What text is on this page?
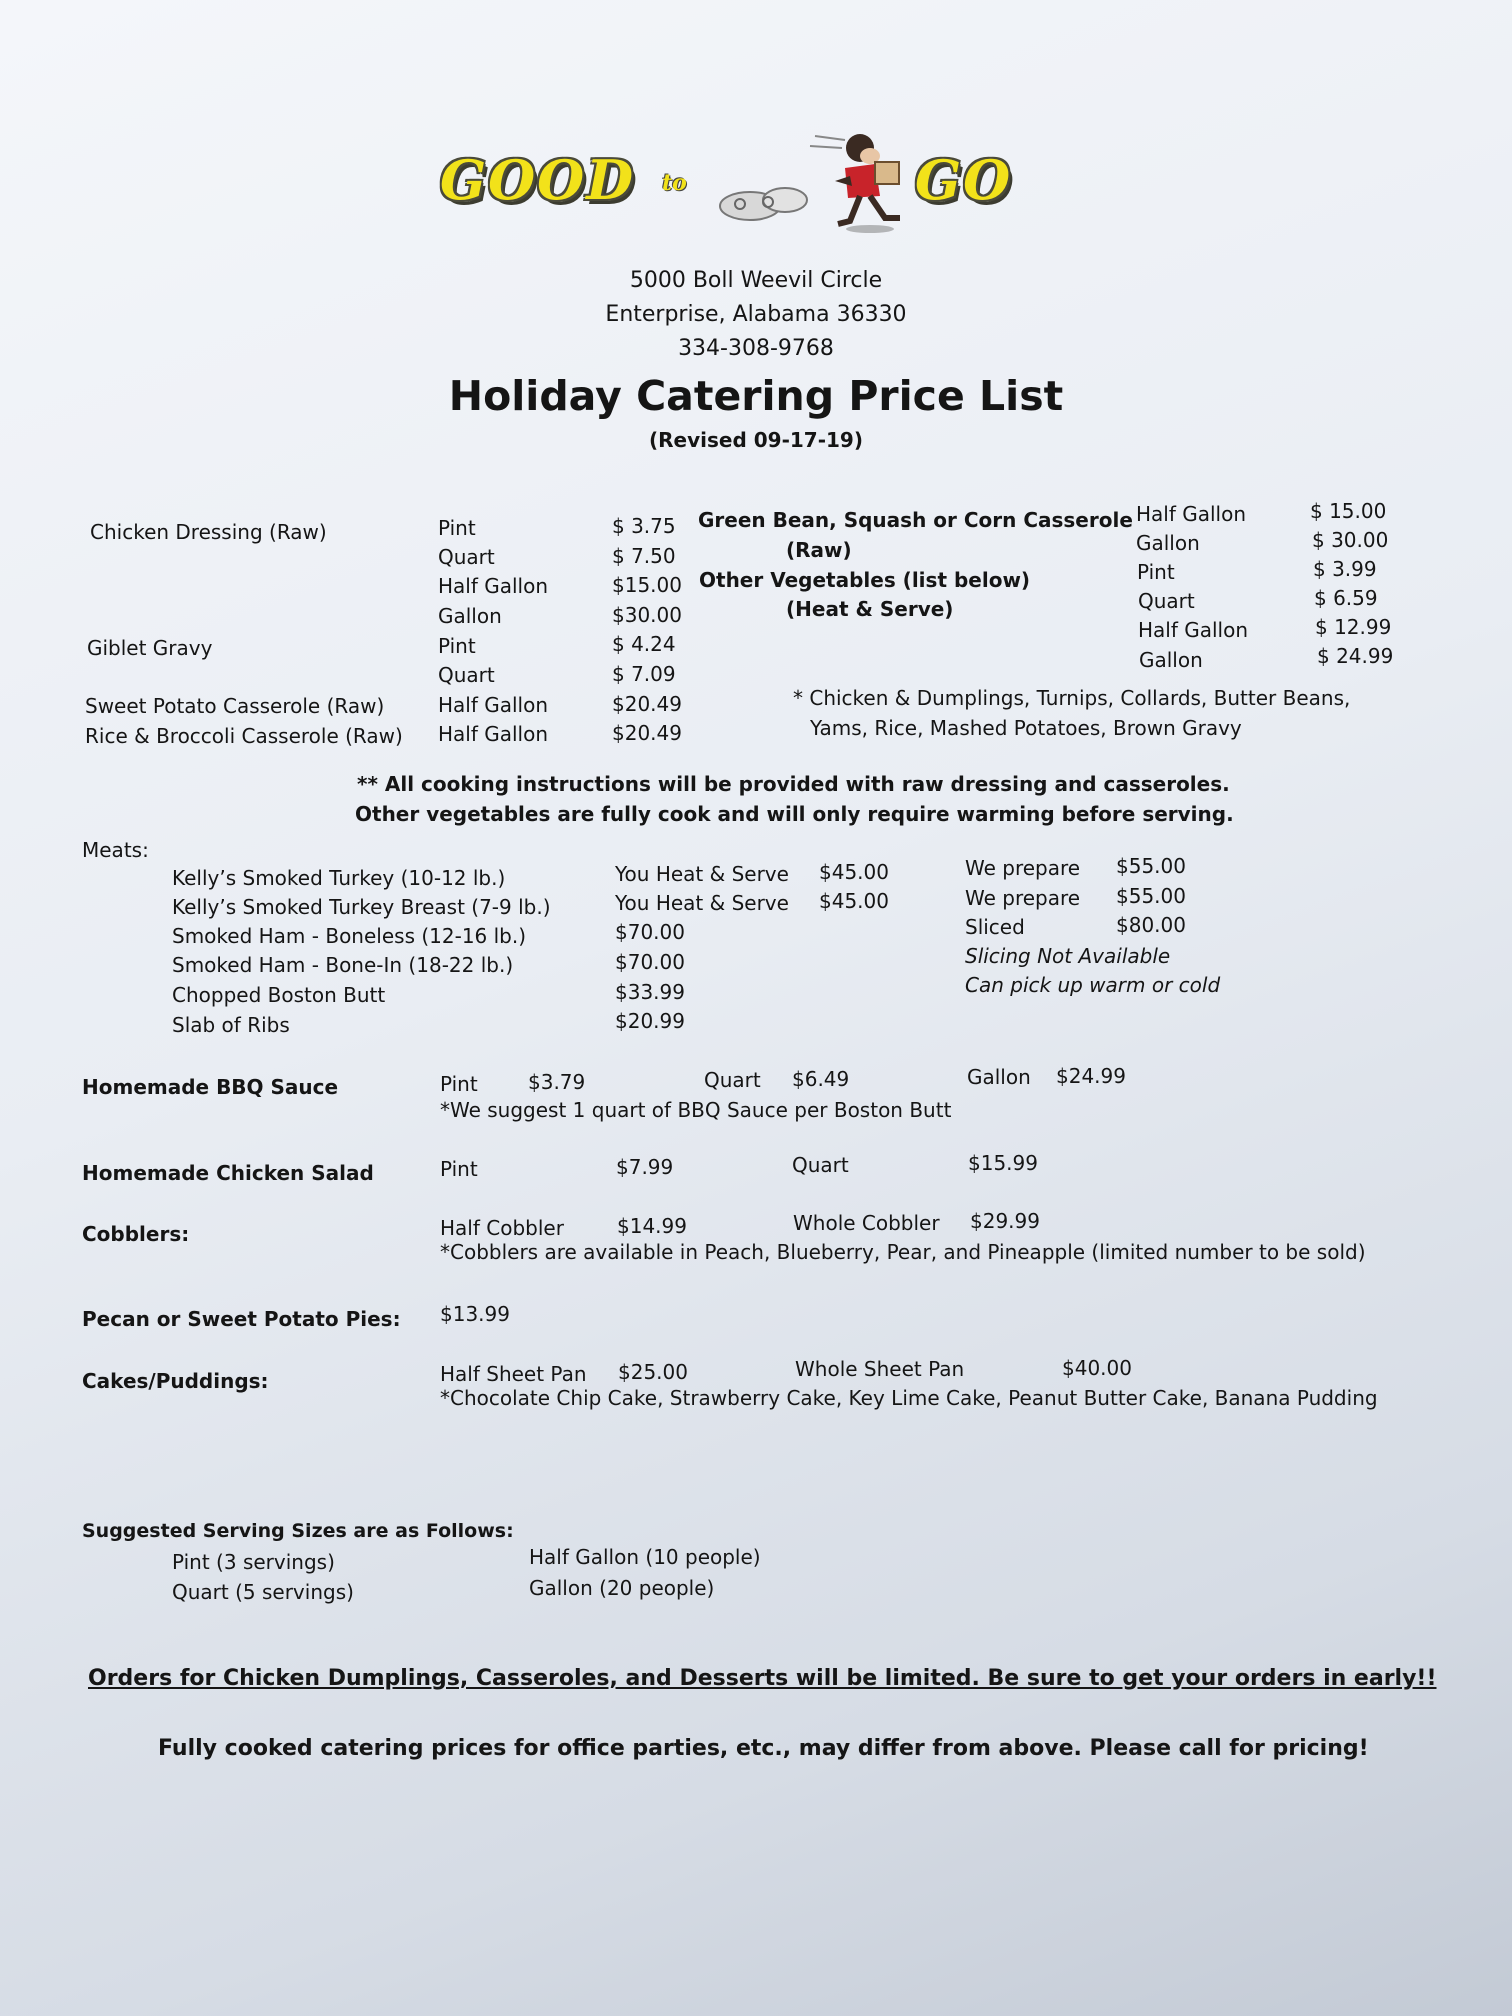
GOOD to	GO
5000 Boll Weevil Circle
Enterprise, Alabama 36330
334-308-9768
Holiday Catering Price List
(Revised 09-17-19)
Chicken Dressing (Raw)	Pint	$ 3.75
Quart	$ 7.50
Half Gallon	$15.00
Gallon	$30.00
Giblet Gravy	Pint	$ 4.24
Quart	$ 7.09
Sweet Potato Casserole (Raw)	Half Gallon	$20.49
Rice & Broccoli Casserole (Raw) Half Gallon	$20.49
Green Bean, Squash or Corn Casserole
(Raw)
Other Vegetables (list below)
(Heat & Serve)
Half Gallon	$ 15.00
Gallon	$ 30.00
Pint	$ 3.99
Quart	$ 6.59
Half Gallon	$ 12.99
Gallon	$ 24.99
* Chicken & Dumplings, Turnips, Collards, Butter Beans,
Yams, Rice, Mashed Potatoes, Brown Gravy
** All cooking instructions will be provided with raw dressing and casseroles.
Other vegetables are fully cook and will only require warming before serving.
Meats:
Kelly’s Smoked Turkey (10-12 lb.)	You Heat & Serve $45.00	We prepare $55.00
Kelly’s Smoked Turkey Breast (7-9 lb.)	You Heat & Serve $45.00	We prepare $55.00
Smoked Ham - Boneless (12-16 lb.)	$70.00	Sliced	$80.00
Smoked Ham - Bone-In (18-22 lb.)	$70.00	Slicing Not Available
Chopped Boston Butt	$33.99	Can pick up warm or cold
Slab of Ribs	$20.99
Homemade BBQ Sauce	Pint	$3.79	Quart $6.49	Gallon $24.99
*We suggest 1 quart of BBQ Sauce per Boston Butt
Homemade Chicken Salad	Pint	$7.99	Quart	$15.99
Cobblers:	Half Cobbler	$14.99	Whole Cobbler $29.99
*Cobblers are available in Peach, Blueberry, Pear, and Pineapple (limited number to be sold)
Pecan or Sweet Potato Pies: $13.99
Cakes/Puddings:	Half Sheet Pan $25.00	Whole Sheet Pan	$40.00
*Chocolate Chip Cake, Strawberry Cake, Key Lime Cake, Peanut Butter Cake, Banana Pudding
Suggested Serving Sizes are as Follows:
Pint (3 servings)
Quart (5 servings)
Half Gallon (10 people)
Gallon (20 people)
Orders for Chicken Dumplings, Casseroles, and Desserts will be limited. Be sure to get your orders in early!!
Fully cooked catering prices for office parties, etc., may differ from above. Please call for pricing!
